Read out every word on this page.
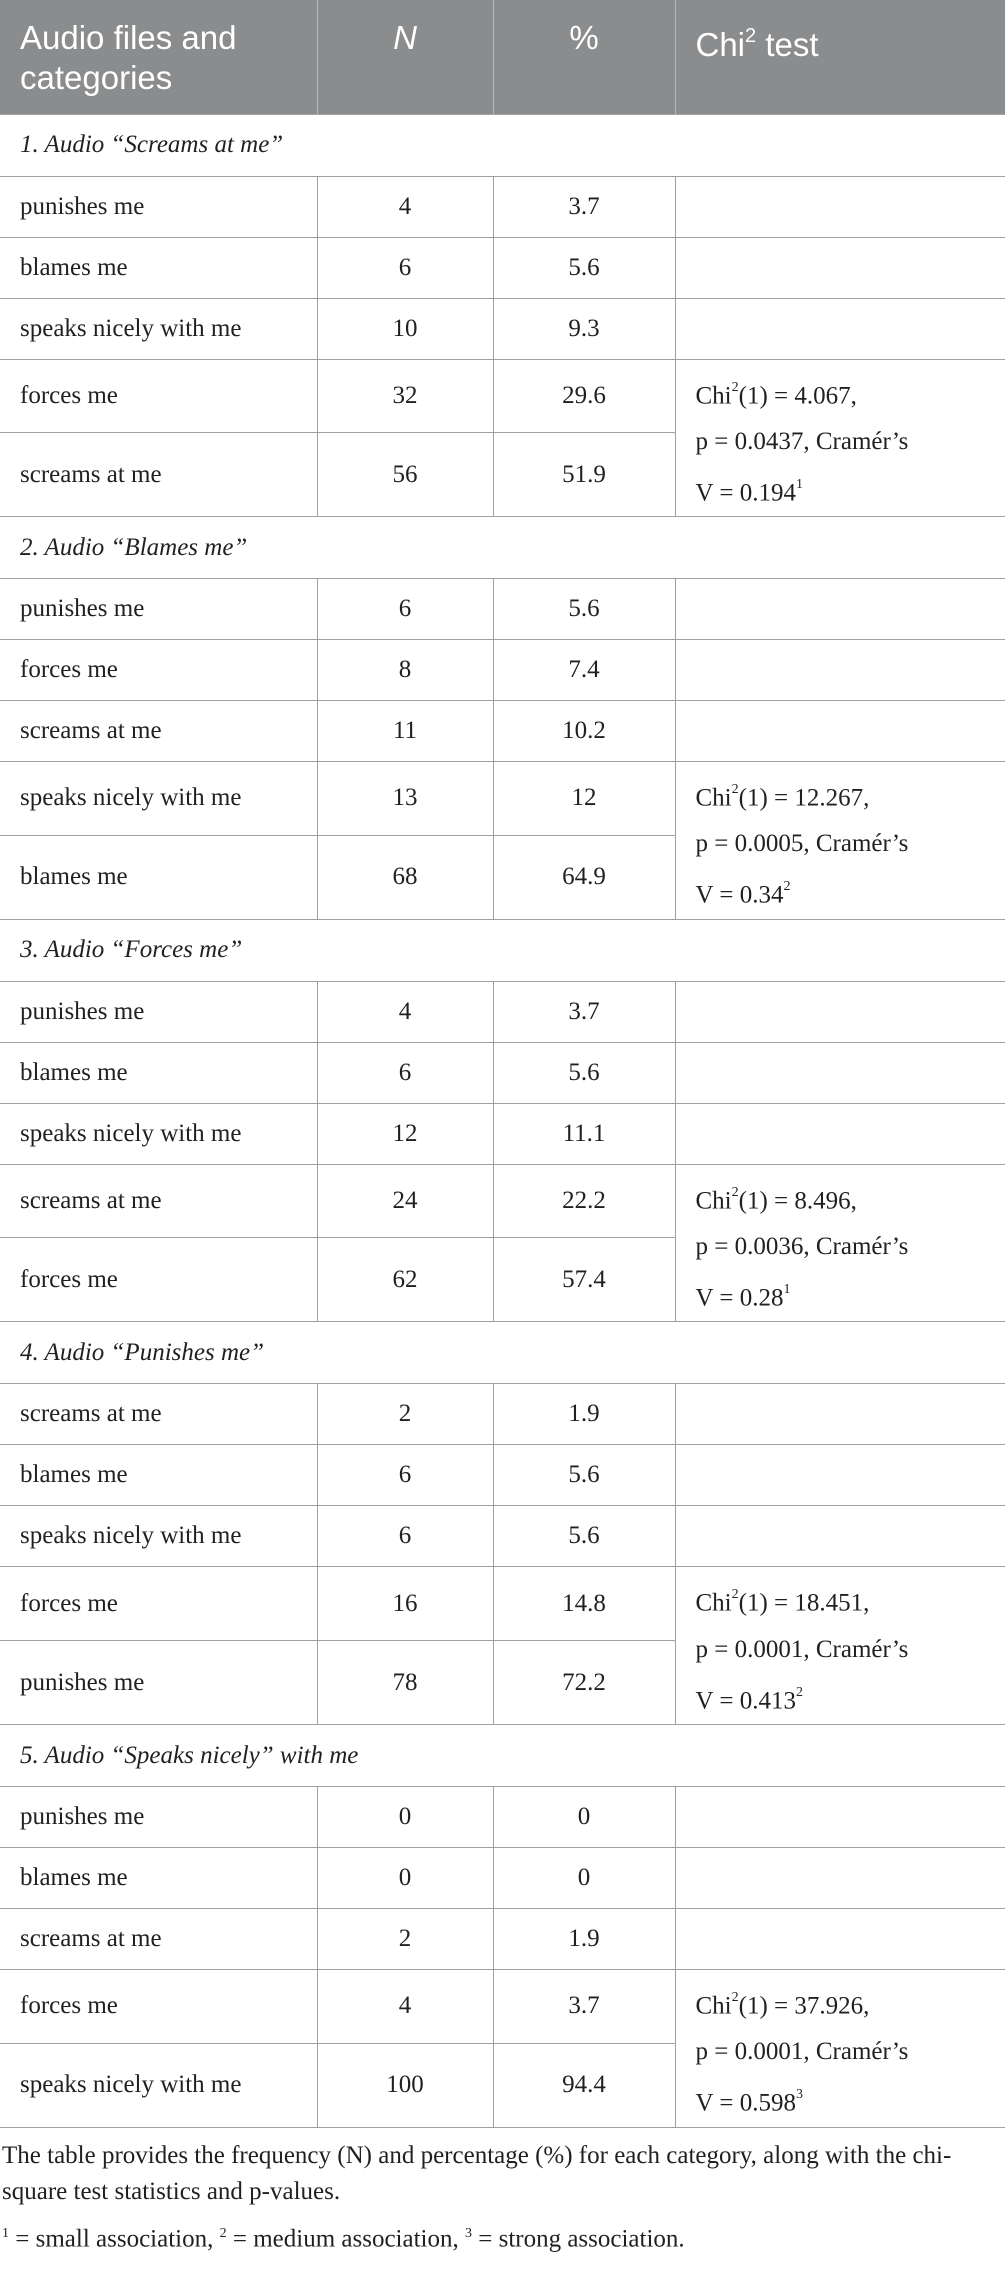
Audio files and categories	N	%	Chi$^2$ test
1. Audio “Screams at me”			
punishes me	4	3.7	
blames me	6	5.6	
speaks nicely with me	10	9.3	
forces me	32	29.6	Chi$^2$(1) = 4.067,
p = 0.0437, Cramér’s
$V = 0.194^1$
screams at me	56	51.9	
2. Audio “Blames me”			
punishes me	6	5.6	
forces me	8	7.4	
screams at me	11	10.2	
speaks nicely with me	13	12	Chi$^2$(1) = 12.267,
p = 0.0005, Cramér’s
$V = 0.34^2$
blames me	68	64.9	
3. Audio “Forces me”			
punishes me	4	3.7	
blames me	6	5.6	
speaks nicely with me	12	11.1	
screams at me	24	22.2	Chi$^2$(1) = 8.496,
p = 0.0036, Cramér’s
$V = 0.28^1$
forces me	62	57.4	
4. Audio “Punishes me”			
screams at me	2	1.9	
blames me	6	5.6	
speaks nicely with me	6	5.6	
forces me	16	14.8	Chi$^2$(1) = 18.451,
p = 0.0001, Cramér’s
$V = 0.413^2$
punishes me	78	72.2	
5. Audio “Speaks nicely” with me			
punishes me	0	0	
blames me	0	0	
screams at me	2	1.9	
forces me	4	3.7	Chi$^2$(1) = 37.926,
p = 0.0001, Cramér’s
$V = 0.598^3$
speaks nicely with me	100	94.4	
The table provides the frequency (N) and percentage (%) for each category, along with the chi-square test statistics and p-values.
$^1$ = small association, $^2$ = medium association, $^3$ = strong association.
